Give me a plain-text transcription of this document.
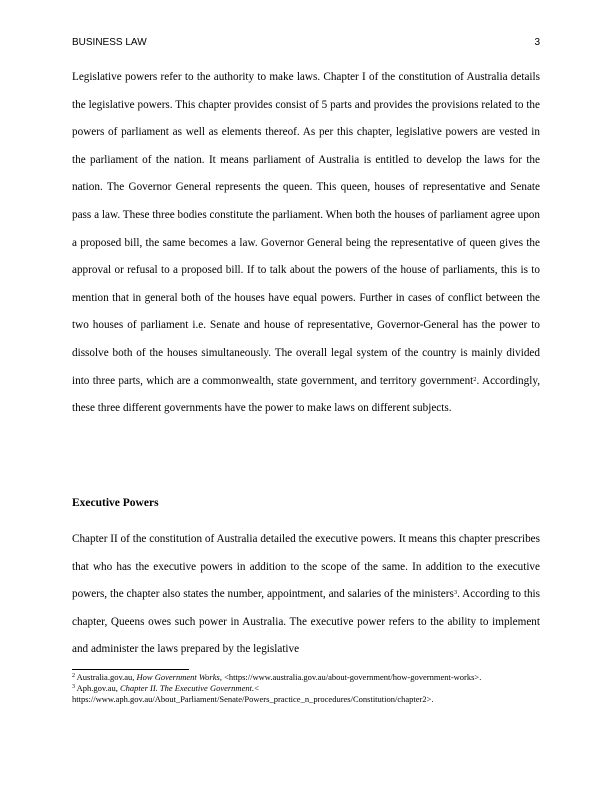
BUSINESS LAW	3

Legislative powers refer to the authority to make laws. Chapter I of the constitution of Australia details the legislative powers. This chapter provides consist of 5 parts and provides the provisions related to the powers of parliament as well as elements thereof. As per this chapter, legislative powers are vested in the parliament of the nation. It means parliament of Australia is entitled to develop the laws for the nation. The Governor General represents the queen. This queen, houses of representative and Senate pass a law. These three bodies constitute the parliament. When both the houses of parliament agree upon a proposed bill, the same becomes a law. Governor General being the representative of queen gives the approval or refusal to a proposed bill. If to talk about the powers of the house of parliaments, this is to mention that in general both of the houses have equal powers. Further in cases of conflict between the two houses of parliament i.e. Senate and house of representative, Governor-General has the power to dissolve both of the houses simultaneously. The overall legal system of the country is mainly divided into three parts, which are a commonwealth, state government, and territory government$^2$. Accordingly, these three different governments have the power to make laws on different subjects.

Executive Powers

Chapter II of the constitution of Australia detailed the executive powers. It means this chapter prescribes that who has the executive powers in addition to the scope of the same. In addition to the executive powers, the chapter also states the number, appointment, and salaries of the ministers$^3$. According to this chapter, Queens owes such power in Australia. The executive power refers to the ability to implement and administer the laws prepared by the legislative

$^2$ Australia.gov.au, How Government Works, <https://www.australia.gov.au/about-government/how-government-works>.

$^3$ Aph.gov.au, Chapter II. The Executive Government.< https://www.aph.gov.au/About_Parliament/Senate/Powers_practice_n_procedures/Constitution/chapter2>.
